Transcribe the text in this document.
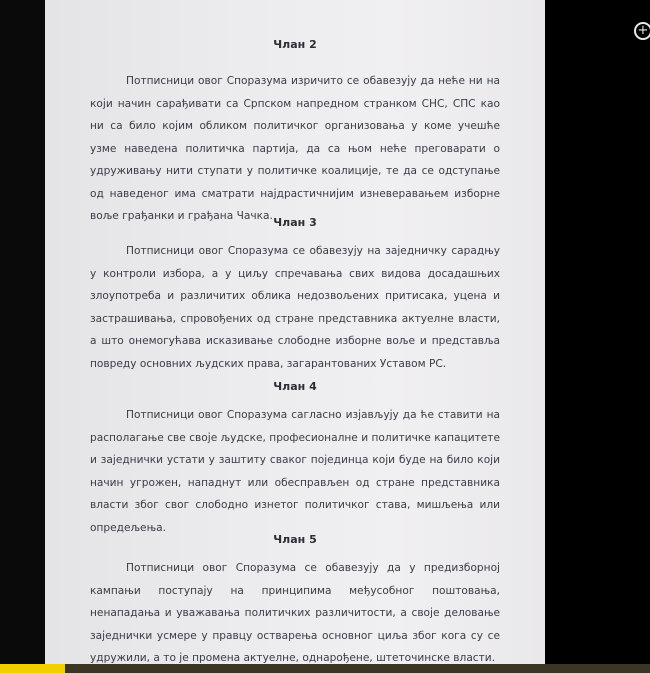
Члан 2

Потписници овог Споразума изричито се обавезују да неће ни на који начин сарађивати са Српском напредном странком СНС, СПС као ни са било којим обликом политичког организовања у коме учешће узме наведена политичка партија, да са њом неће преговарати о удруживању нити ступати у политичке коалиције, те да се одступање од наведеног има сматрати најдрастичнијим изневеравањем изборне воље грађанки и грађана Чачка. Члан 3

Потписници овог Споразума се обавезују на заједничку сарадњу у контроли избора, а у циљу спречавања свих видова досадашњих злоупотреба и различитих облика недозвољених притисака, уцена и застрашивања, спровођених од стране представника актуелне власти, а што онемогућава исказивање слободне изборне воље и представља повреду основних људских права, загарантованих Уставом РС.

Члан 4

Потписници овог Споразума сагласно изјављују да ће ставити на располагање све своје људске, професионалне и политичке капацитете и заједнички устати у заштиту сваког појединца који буде на било који начин угрожен, нападнут или обесправљен од стране представника власти због свог слободно изнетог политичког става, мишљења или опредељења.

Члан 5

Потписници овог Споразума се обавезују да у предизборној кампањи поступају на принципима међусобног поштовања, ненападања и уважавања политичких различитости, а своје деловање заједнички усмере у правцу остварења основног циља због кога су се удружили, а то је промена актуелне, однарођене, штеточинске власти.

+
